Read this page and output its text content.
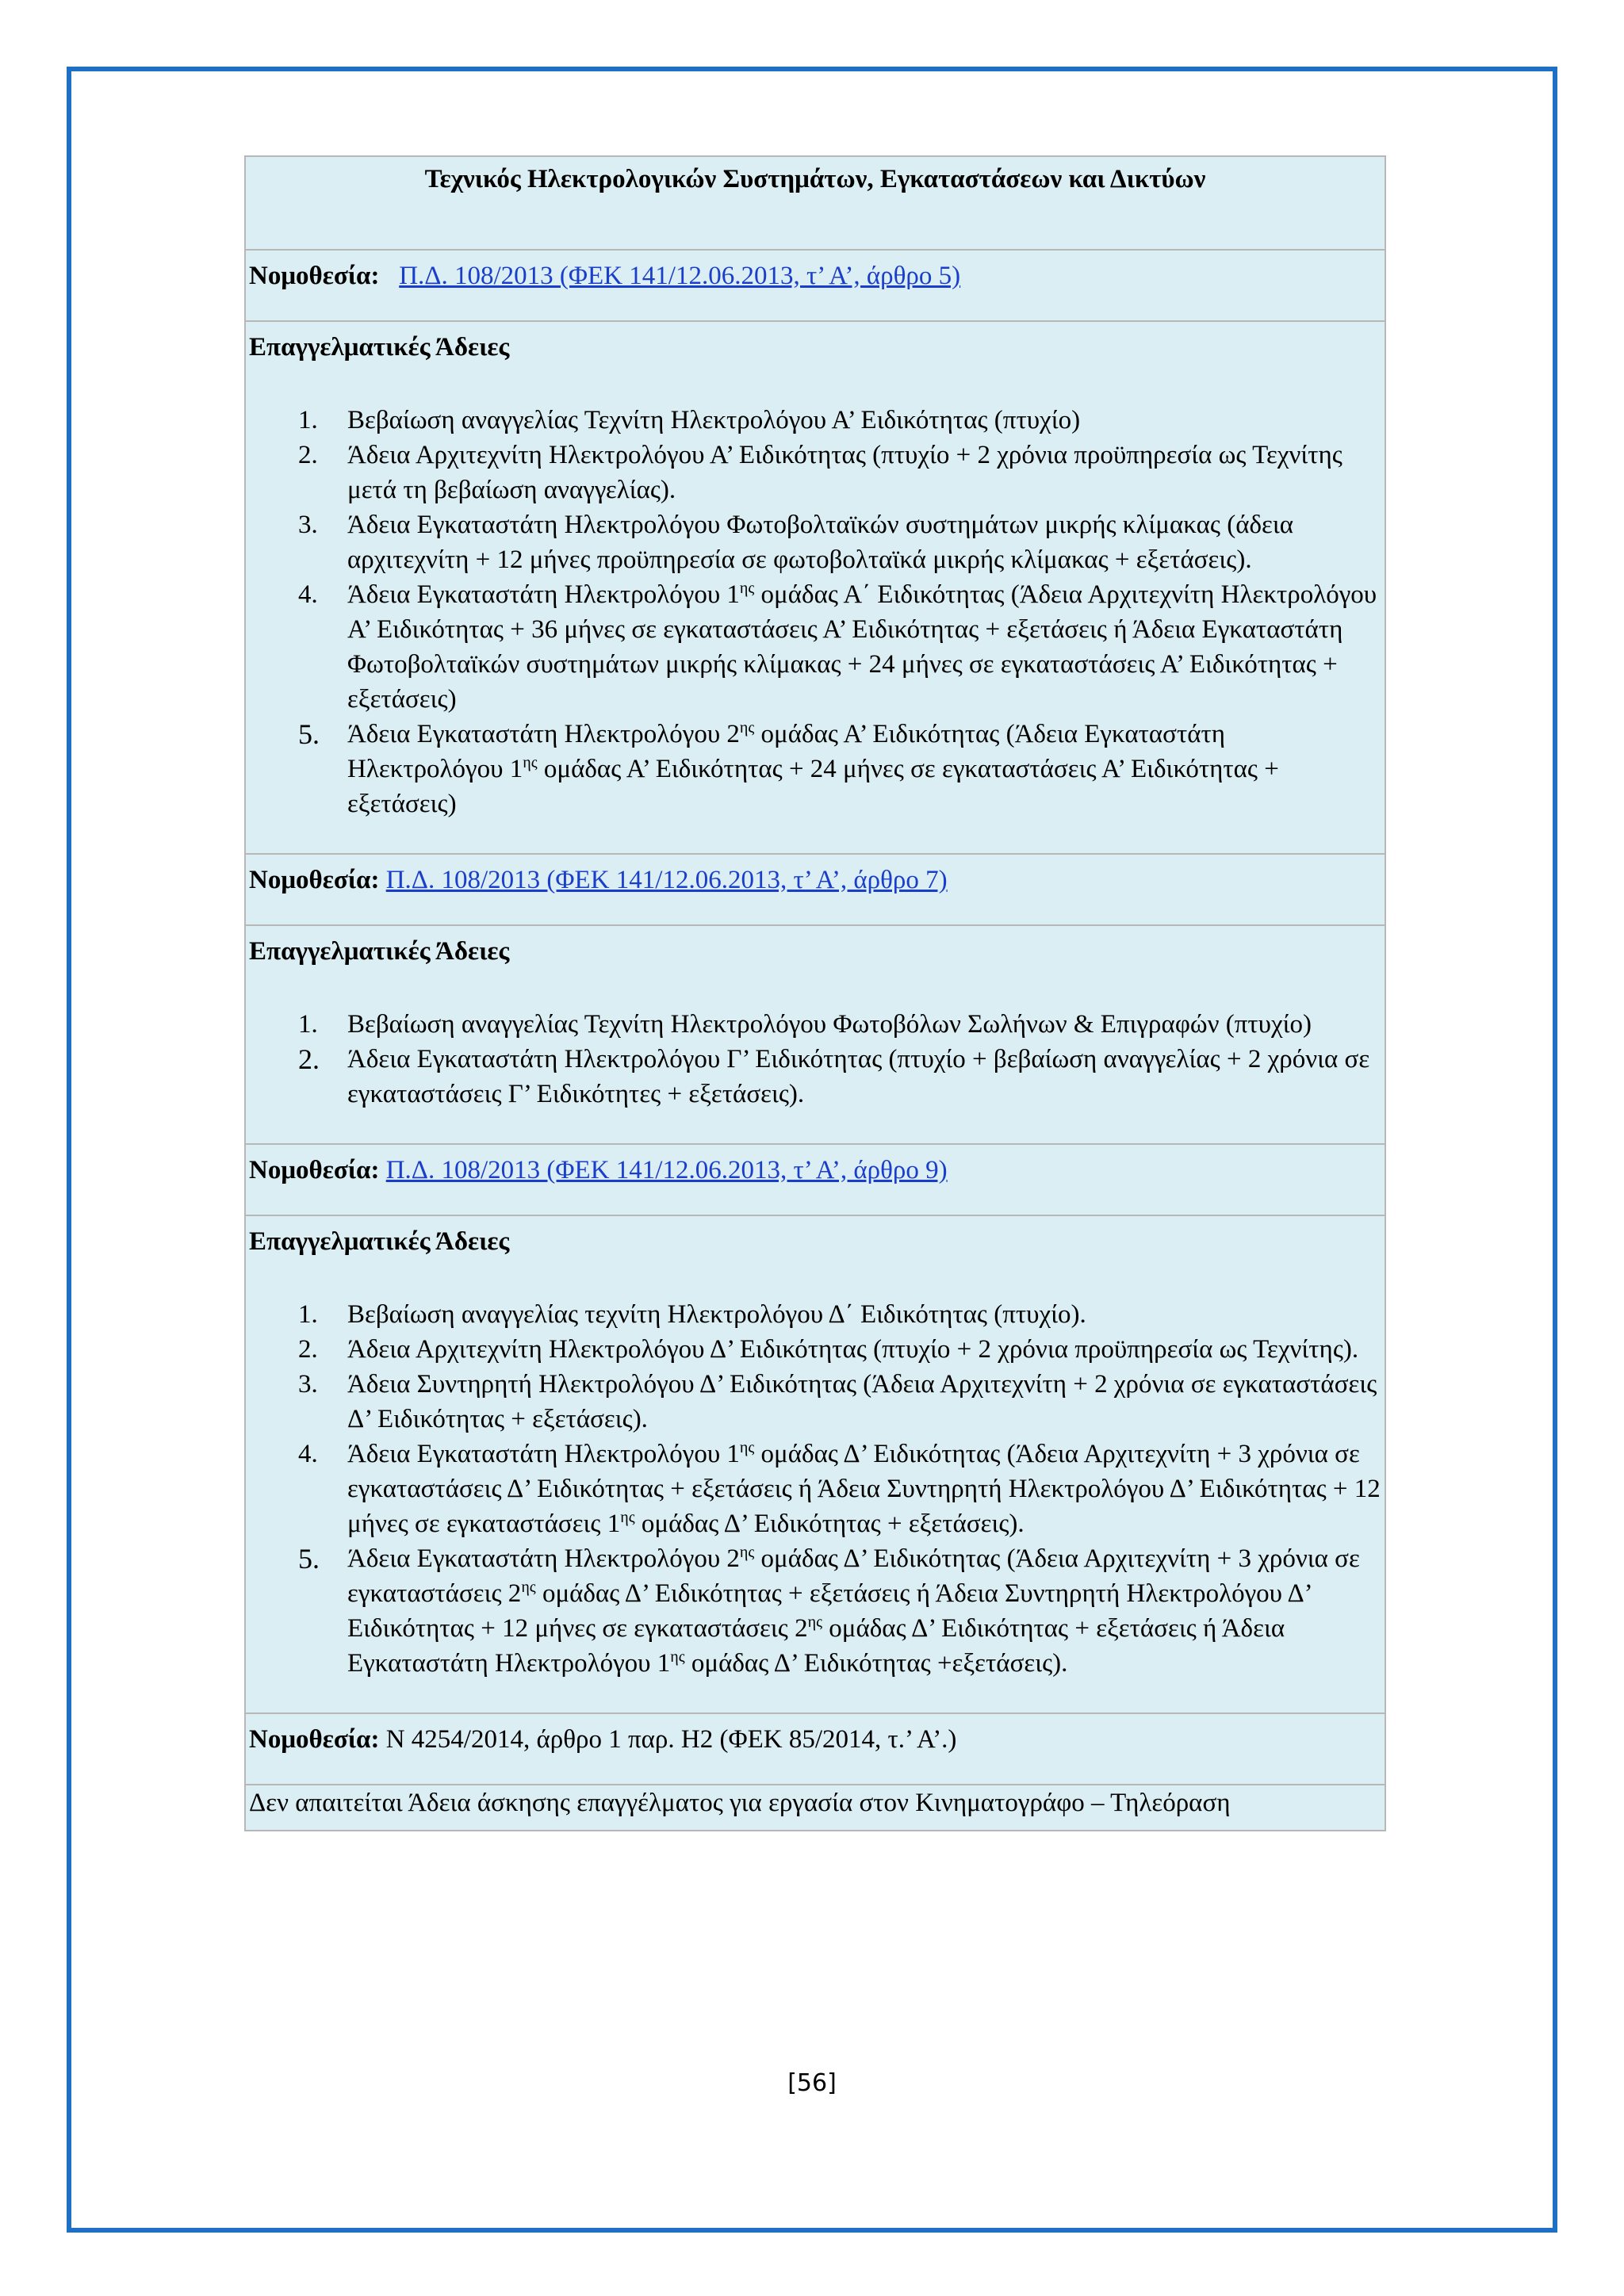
Τεχνικός Ηλεκτρολογικών Συστημάτων, Εγκαταστάσεων και Δικτύων

Νομοθεσία: Π.Δ. 108/2013 (ΦΕΚ 141/12.06.2013, τ’ Α’, άρθρο 5)

Επαγγελματικές Άδειες
1.	Βεβαίωση αναγγελίας Τεχνίτη Ηλεκτρολόγου Α’ Ειδικότητας (πτυχίο)
2.	Άδεια Αρχιτεχνίτη Ηλεκτρολόγου Α’ Ειδικότητας (πτυχίο + 2 χρόνια προϋπηρεσία ως Τεχνίτης μετά τη βεβαίωση αναγγελίας).
3.	Άδεια Εγκαταστάτη Ηλεκτρολόγου Φωτοβολταϊκών συστημάτων μικρής κλίμακας (άδεια αρχιτεχνίτη + 12 μήνες προϋπηρεσία σε φωτοβολταϊκά μικρής κλίμακας + εξετάσεις).
4.	Άδεια Εγκαταστάτη Ηλεκτρολόγου $1^{\eta\varsigma}$ ομάδας Α΄ Ειδικότητας (Άδεια Αρχιτεχνίτη Ηλεκτρολόγου Α’ Ειδικότητας + 36 μήνες σε εγκαταστάσεις Α’ Ειδικότητας + εξετάσεις ή Άδεια Εγκαταστάτη Φωτοβολταϊκών συστημάτων μικρής κλίμακας + 24 μήνες σε εγκαταστάσεις Α’ Ειδικότητας + εξετάσεις)
5.	Άδεια Εγκαταστάτη Ηλεκτρολόγου $2^{\eta\varsigma}$ ομάδας Α’ Ειδικότητας (Άδεια Εγκαταστάτη Ηλεκτρολόγου $1^{\eta\varsigma}$ ομάδας Α’ Ειδικότητας + 24 μήνες σε εγκαταστάσεις Α’ Ειδικότητας + εξετάσεις)

Νομοθεσία: Π.Δ. 108/2013 (ΦΕΚ 141/12.06.2013, τ’ Α’, άρθρο 7)

Επαγγελματικές Άδειες
1.	Βεβαίωση αναγγελίας Τεχνίτη Ηλεκτρολόγου Φωτοβόλων Σωλήνων & Επιγραφών (πτυχίο)
2.	Άδεια Εγκαταστάτη Ηλεκτρολόγου Γ’ Ειδικότητας (πτυχίο + βεβαίωση αναγγελίας + 2 χρόνια σε εγκαταστάσεις Γ’ Ειδικότητες + εξετάσεις).

Νομοθεσία: Π.Δ. 108/2013 (ΦΕΚ 141/12.06.2013, τ’ Α’, άρθρο 9)

Επαγγελματικές Άδειες
1.	Βεβαίωση αναγγελίας τεχνίτη Ηλεκτρολόγου Δ΄ Ειδικότητας (πτυχίο).
2.	Άδεια Αρχιτεχνίτη Ηλεκτρολόγου Δ’ Ειδικότητας (πτυχίο + 2 χρόνια προϋπηρεσία ως Τεχνίτης).
3.	Άδεια Συντηρητή Ηλεκτρολόγου Δ’ Ειδικότητας (Άδεια Αρχιτεχνίτη + 2 χρόνια σε εγκαταστάσεις Δ’ Ειδικότητας + εξετάσεις).
4.	Άδεια Εγκαταστάτη Ηλεκτρολόγου $1^{\eta\varsigma}$ ομάδας Δ’ Ειδικότητας (Άδεια Αρχιτεχνίτη + 3 χρόνια σε εγκαταστάσεις Δ’ Ειδικότητας + εξετάσεις ή Άδεια Συντηρητή Ηλεκτρολόγου Δ’ Ειδικότητας + 12 μήνες σε εγκαταστάσεις $1^{\eta\varsigma}$ ομάδας Δ’ Ειδικότητας + εξετάσεις).
5.	Άδεια Εγκαταστάτη Ηλεκτρολόγου $2^{\eta\varsigma}$ ομάδας Δ’ Ειδικότητας (Άδεια Αρχιτεχνίτη + 3 χρόνια σε εγκαταστάσεις $2^{\eta\varsigma}$ ομάδας Δ’ Ειδικότητας + εξετάσεις ή Άδεια Συντηρητή Ηλεκτρολόγου Δ’ Ειδικότητας + 12 μήνες σε εγκαταστάσεις $2^{\eta\varsigma}$ ομάδας Δ’ Ειδικότητας + εξετάσεις ή Άδεια Εγκαταστάτη Ηλεκτρολόγου $1^{\eta\varsigma}$ ομάδας Δ’ Ειδικότητας +εξετάσεις).

Νομοθεσία: Ν 4254/2014, άρθρο 1 παρ. Η2 (ΦΕΚ 85/2014, τ.’ Α’.)

Δεν απαιτείται Άδεια άσκησης επαγγέλματος για εργασία στον Κινηματογράφο – Τηλεόραση
[56]
